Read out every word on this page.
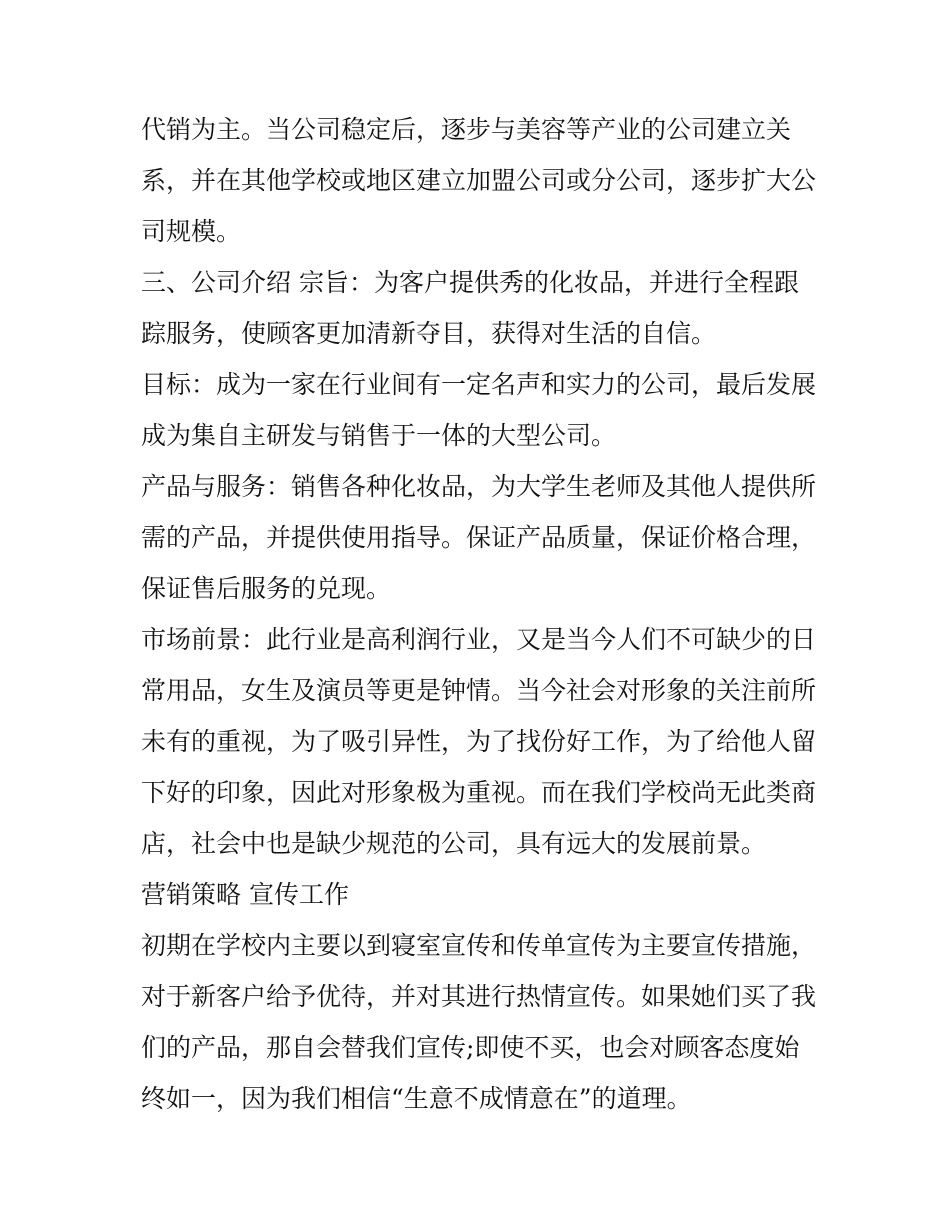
代销为主。当公司稳定后，逐步与美容等产业的公司建立关
系，并在其他学校或地区建立加盟公司或分公司，逐步扩大公
司规模。
三、公司介绍 宗旨：为客户提供秀的化妆品，并进行全程跟
踪服务，使顾客更加清新夺目，获得对生活的自信。
目标：成为一家在行业间有一定名声和实力的公司，最后发展
成为集自主研发与销售于一体的大型公司。
产品与服务：销售各种化妆品，为大学生老师及其他人提供所
需的产品，并提供使用指导。保证产品质量，保证价格合理，
保证售后服务的兑现。
市场前景：此行业是高利润行业，又是当今人们不可缺少的日
常用品，女生及演员等更是钟情。当今社会对形象的关注前所
未有的重视，为了吸引异性，为了找份好工作，为了给他人留
下好的印象，因此对形象极为重视。而在我们学校尚无此类商
店，社会中也是缺少规范的公司，具有远大的发展前景。
营销策略 宣传工作
初期在学校内主要以到寝室宣传和传单宣传为主要宣传措施，
对于新客户给予优待，并对其进行热情宣传。如果她们买了我
们的产品，那自会替我们宣传;即使不买，也会对顾客态度始
终如一，因为我们相信“生意不成情意在”的道理。
